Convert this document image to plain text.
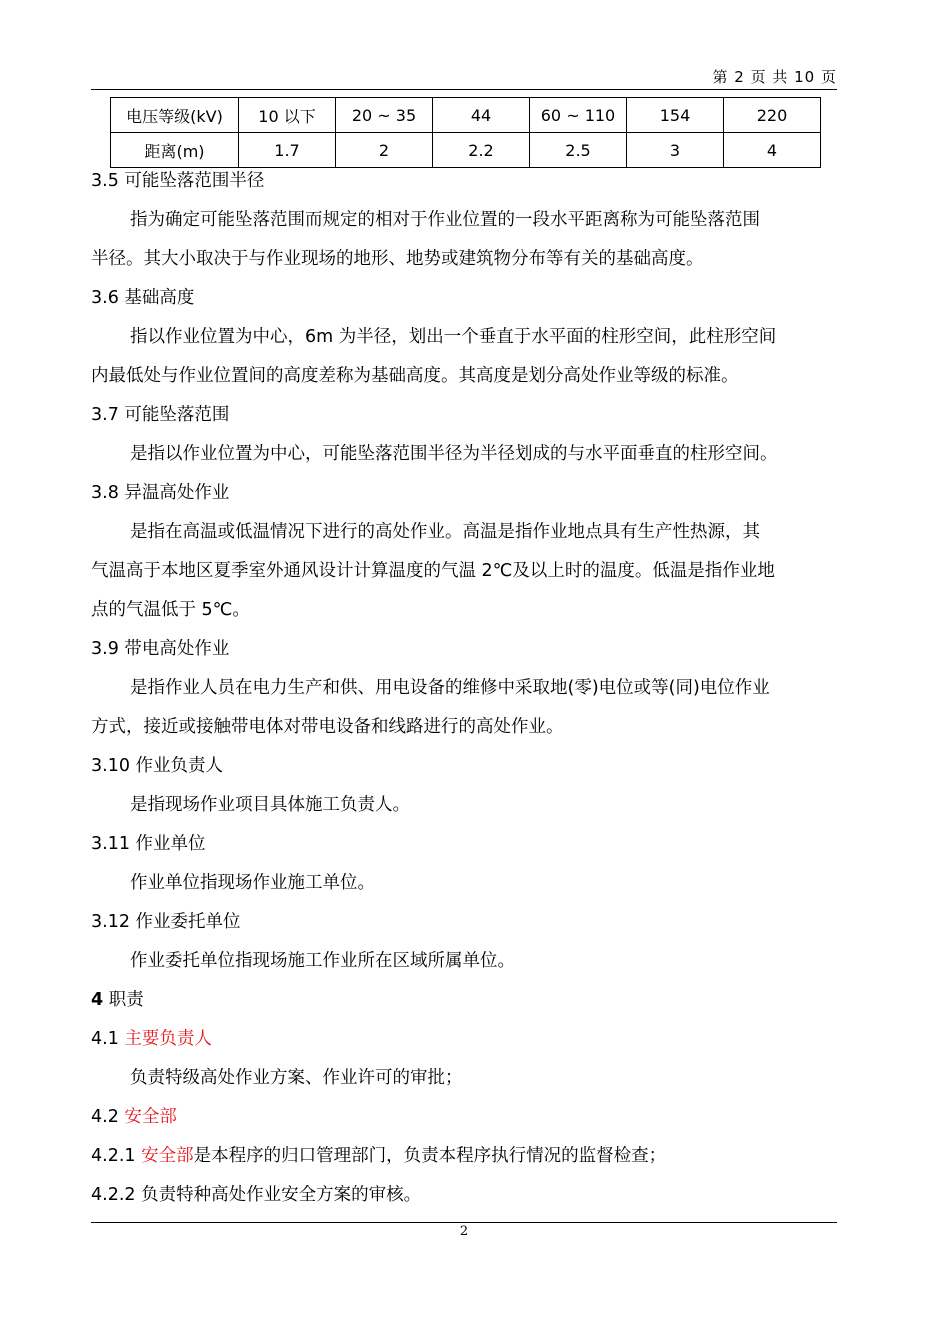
第 2 页 共 10 页
电压等级(kV)	10 以下	20 ~ 35	44	60 ~ 110	154	220
距离(m)	1.7	2	2.2	2.5	3	4
3.5 可能坠落范围半径
指为确定可能坠落范围而规定的相对于作业位置的一段水平距离称为可能坠落范围
半径。其大小取决于与作业现场的地形、地势或建筑物分布等有关的基础高度。
3.6 基础高度
指以作业位置为中心，6m 为半径，划出一个垂直于水平面的柱形空间，此柱形空间
内最低处与作业位置间的高度差称为基础高度。其高度是划分高处作业等级的标准。
3.7 可能坠落范围
是指以作业位置为中心，可能坠落范围半径为半径划成的与水平面垂直的柱形空间。
3.8 异温高处作业
是指在高温或低温情况下进行的高处作业。高温是指作业地点具有生产性热源，其
气温高于本地区夏季室外通风设计计算温度的气温 2℃及以上时的温度。低温是指作业地
点的气温低于 5℃。
3.9 带电高处作业
是指作业人员在电力生产和供、用电设备的维修中采取地(零)电位或等(同)电位作业
方式，接近或接触带电体对带电设备和线路进行的高处作业。
3.10 作业负责人
是指现场作业项目具体施工负责人。
3.11 作业单位
作业单位指现场作业施工单位。
3.12 作业委托单位
作业委托单位指现场施工作业所在区域所属单位。
4 职责
4.1 主要负责人
负责特级高处作业方案、作业许可的审批；
4.2 安全部
4.2.1 安全部是本程序的归口管理部门，负责本程序执行情况的监督检查；
4.2.2 负责特种高处作业安全方案的审核。
2
